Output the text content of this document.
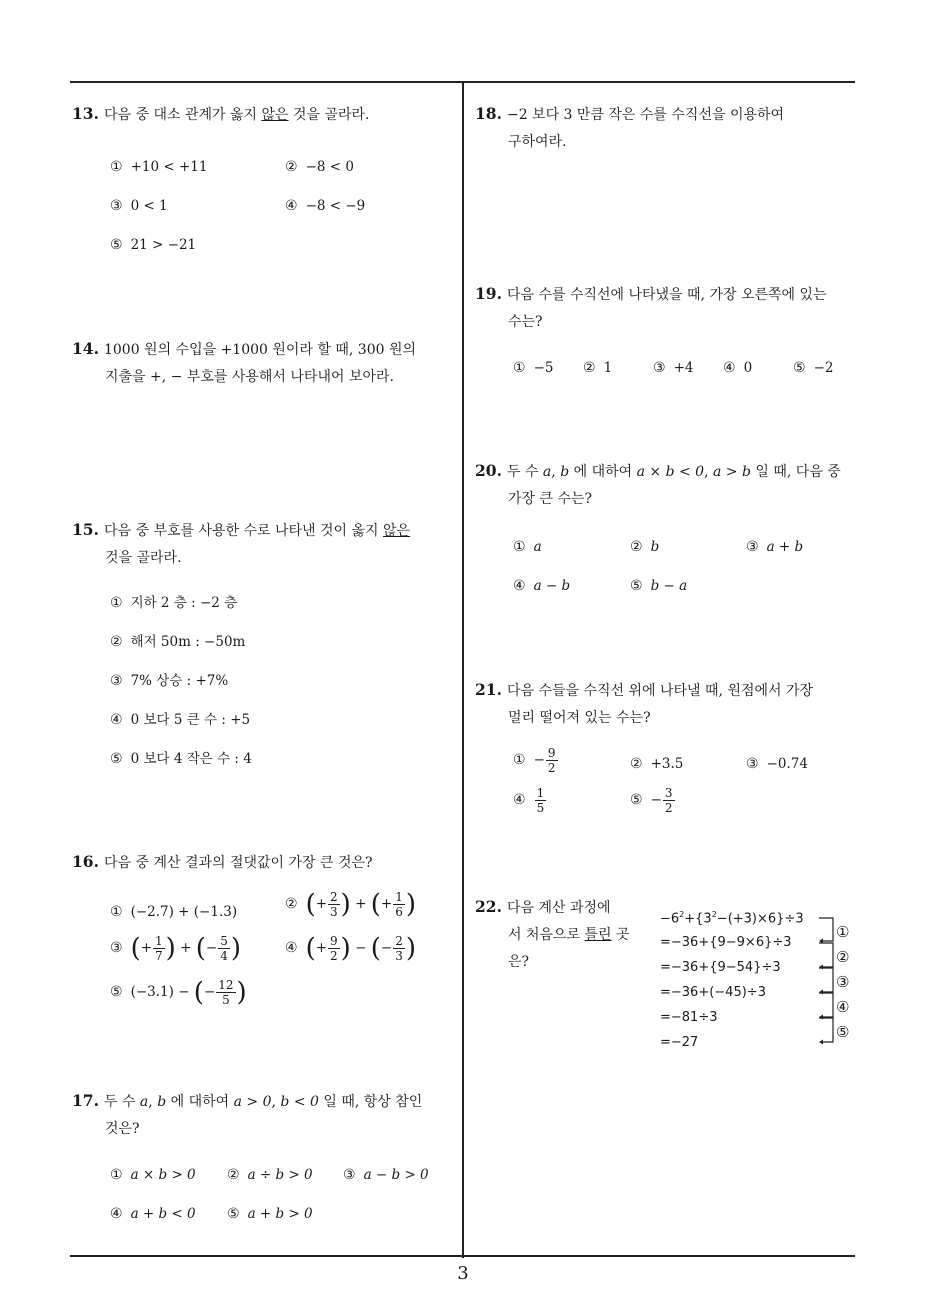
13. 다음 중 대소 관계가 옳지 않은 것을 골라라.
① +10 < +11	② −8 < 0
③ 0 < 1	④ −8 < −9
⑤ 21 > −21
14. 1000 원의 수입을 +1000 원이라 할 때, 300 원의
지출을 +, − 부호를 사용해서 나타내어 보아라.
15. 다음 중 부호를 사용한 수로 나타낸 것이 옳지 않은
것을 골라라.
① 지하 2 층 : −2 층
② 해저 50m : −50m
③ 7% 상승 : +7%
④ 0 보다 5 큰 수 : +5
⑤ 0 보다 4 작은 수 : 4
16. 다음 중 계산 결과의 절댓값이 가장 큰 것은?
① (−2.7) + (−1.3)	② (+ $\frac{2}{3}$ ) + (+ $\frac{1}{6}$ )
③ (+ $\frac{1}{7}$ ) + (− $\frac{5}{4}$ )	④ (+ $\frac{9}{2}$ ) − (− $\frac{2}{3}$ )
⑤ (−3.1) − (− $\frac{12}{5}$ )
17. 두 수 a, b 에 대하여 a > 0, b < 0 일 때, 항상 참인
것은?
① a × b > 0 ② a ÷ b > 0 ③ a − b > 0
④ a + b < 0 ⑤ a + b > 0
18. −2 보다 3 만큼 작은 수를 수직선을 이용하여
구하여라.
19. 다음 수를 수직선에 나타냈을 때, 가장 오른쪽에 있는
수는?
① −5 ② 1	③ +4 ④ 0	⑤ −2
20. 두 수 a, b 에 대하여 a × b < 0, a > b 일 때, 다음 중
가장 큰 수는?
① a	② b	③ a + b
④ a − b	⑤ b − a
21. 다음 수들을 수직선 위에 나타낼 때, 원점에서 가장
멀리 떨어져 있는 수는?
① − $\frac{9}{2}$	② +3.5	③ −0.74
④ $\frac{1}{5}$	⑤ − $\frac{3}{2}$
22. 다음 계산 과정에
서 처음으로 틀린 곳
은?
$-6^2+\{3^2-(+3)\times 6\}\div 3$
=−36+{9−9×6}÷3
=−36+{9−54}÷3
=−36+(−45)÷3
=−81÷3
=−27
①
②
③
④
⑤
3
